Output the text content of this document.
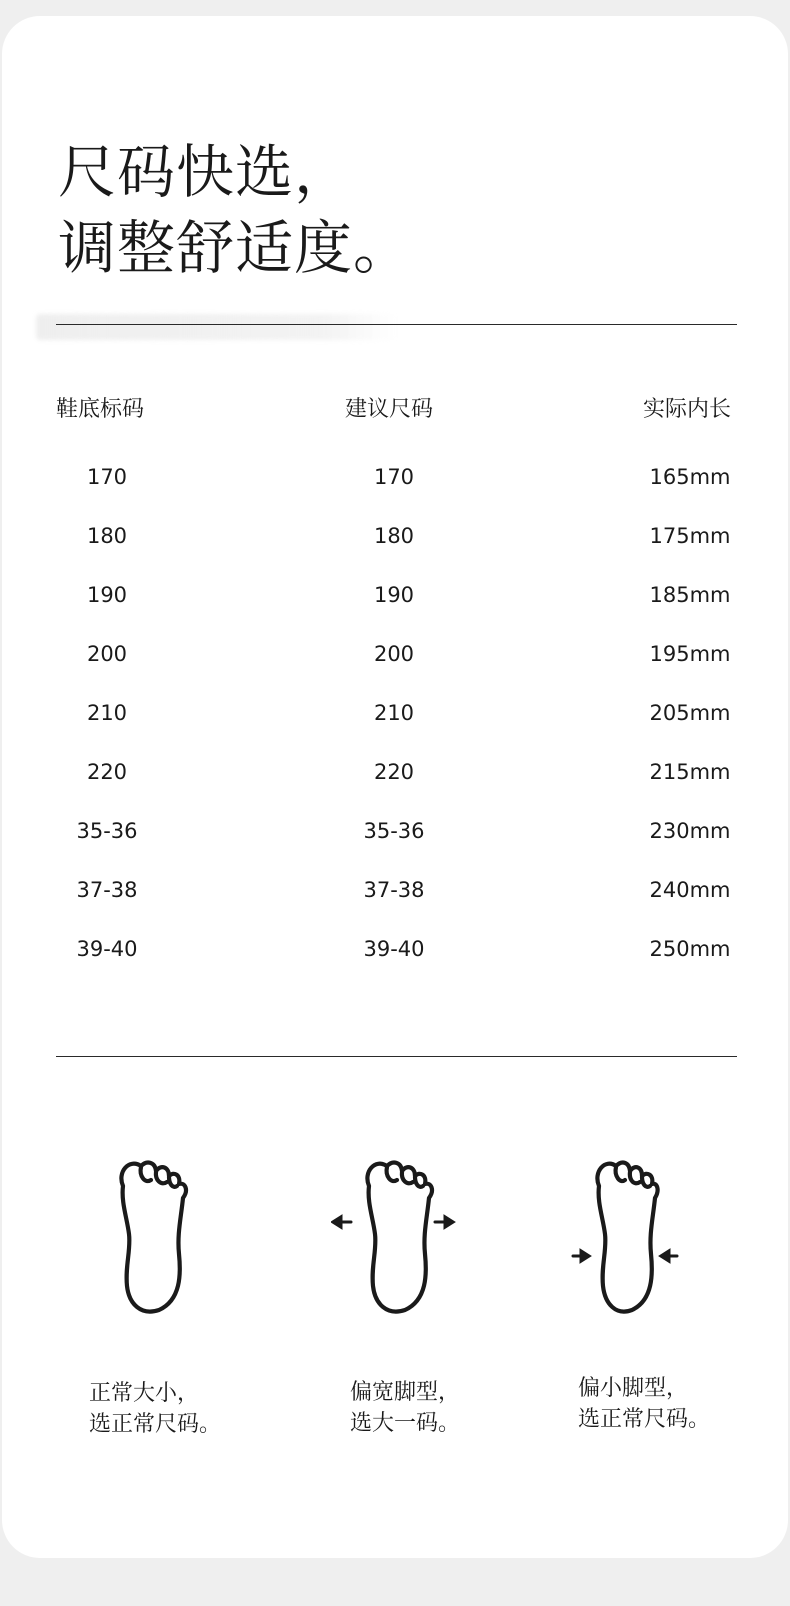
尺码快选，
调整舒适度。
鞋底标码	建议尺码	实际内长
170	170	165mm
180	180	175mm
190	190	185mm
200	200	195mm
210	210	205mm
220	220	215mm
35-36	35-36	230mm
37-38	37-38	240mm
39-40	39-40	250mm
正常大小，
选正常尺码。
偏宽脚型，
选大一码。
偏小脚型，
选正常尺码。
